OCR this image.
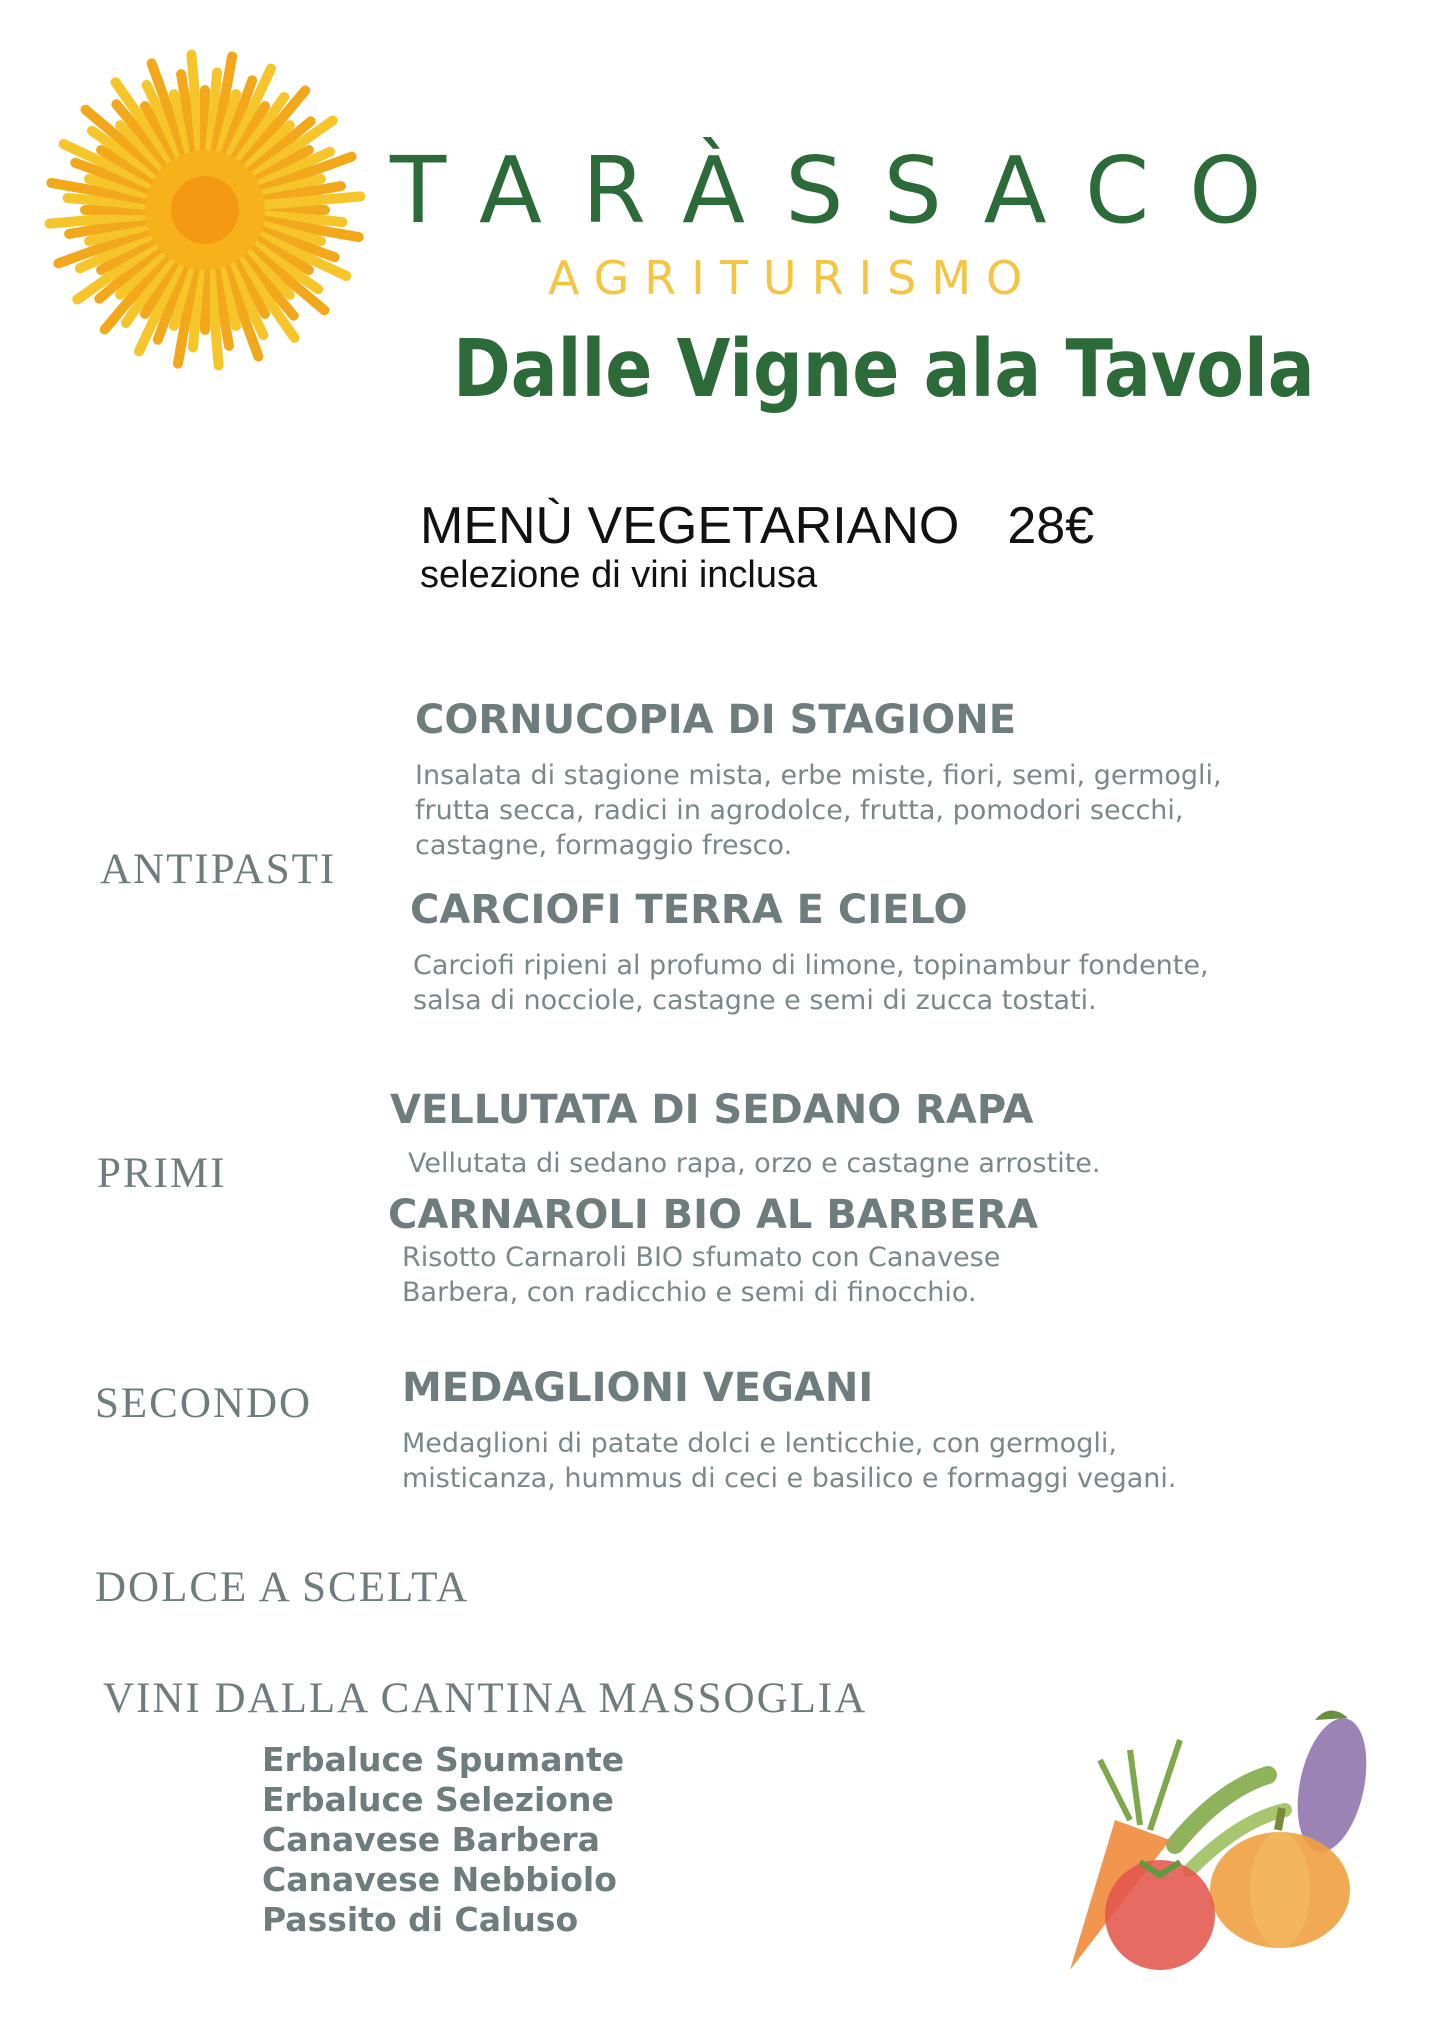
TARÀSSACO
AGRITURISMO
Dalle Vigne ala Tavola
MENÙ VEGETARIANO 28€
selezione di vini inclusa
ANTIPASTI
CORNUCOPIA DI STAGIONE
Insalata di stagione mista, erbe miste, fiori, semi, germogli,
frutta secca, radici in agrodolce, frutta, pomodori secchi,
castagne, formaggio fresco.
CARCIOFI TERRA E CIELO
Carciofi ripieni al profumo di limone, topinambur fondente,
salsa di nocciole, castagne e semi di zucca tostati.
PRIMI
VELLUTATA DI SEDANO RAPA
Vellutata di sedano rapa, orzo e castagne arrostite.
CARNAROLI BIO AL BARBERA
Risotto Carnaroli BIO sfumato con Canavese
Barbera, con radicchio e semi di finocchio.
SECONDO MEDAGLIONI VEGANI
Medaglioni di patate dolci e lenticchie, con germogli,
misticanza, hummus di ceci e basilico e formaggi vegani.
DOLCE A SCELTA
VINI DALLA CANTINA MASSOGLIA
Erbaluce Spumante
Erbaluce Selezione
Canavese Barbera
Canavese Nebbiolo
Passito di Caluso
